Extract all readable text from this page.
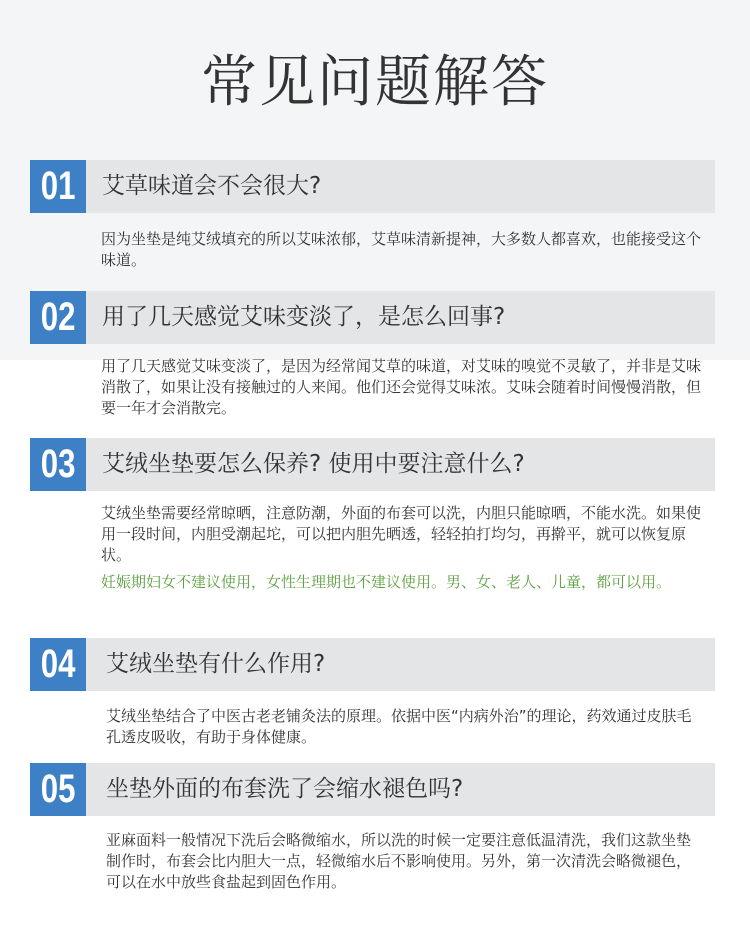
常见问题解答
01	艾草味道会不会很大?

因为坐垫是纯艾绒填充的所以艾味浓郁，艾草味清新提神，大多数人都喜欢，也能接受这个味道。

02	用了几天感觉艾味变淡了，是怎么回事?

用了几天感觉艾味变淡了，是因为经常闻艾草的味道，对艾味的嗅觉不灵敏了，并非是艾味消散了，如果让没有接触过的人来闻。他们还会觉得艾味浓。艾味会随着时间慢慢消散，但要一年才会消散完。

03	艾绒坐垫要怎么保养? 使用中要注意什么?

艾绒坐垫需要经常晾晒，注意防潮，外面的布套可以洗，内胆只能晾晒，不能水洗。如果使用一段时间，内胆受潮起坨，可以把内胆先晒透，轻轻拍打均匀，再擀平，就可以恢复原状。

妊娠期妇女不建议使用，女性生理期也不建议使用。男、女、老人、儿童，都可以用。

04	艾绒坐垫有什么作用?

艾绒坐垫结合了中医古老老铺灸法的原理。依据中医“内病外治”的理论，药效通过皮肤毛孔透皮吸收，有助于身体健康。

05	坐垫外面的布套洗了会缩水褪色吗?

亚麻面料一般情况下洗后会略微缩水，所以洗的时候一定要注意低温清洗，我们这款坐垫制作时，布套会比内胆大一点，轻微缩水后不影响使用。另外，第一次清洗会略微褪色，可以在水中放些食盐起到固色作用。
